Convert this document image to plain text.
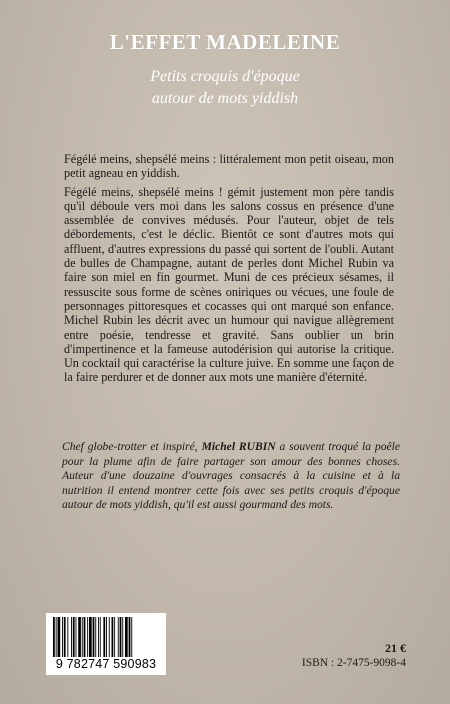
L'EFFET MADELEINE
Petits croquis d'époque
autour de mots yiddish

Fégélé meins, shepsélé meins : littéralement mon petit oiseau, mon petit agneau en yiddish.

Fégélé meins, shepsélé meins ! gémit justement mon père tandis qu'il déboule vers moi dans les salons cossus en présence d'une assemblée de convives médusés. Pour l'auteur, objet de tels débordements, c'est le déclic. Bientôt ce sont d'autres mots qui affluent, d'autres expressions du passé qui sortent de l'oubli. Autant de bulles de Champagne, autant de perles dont Michel Rubin va faire son miel en fin gourmet. Muni de ces précieux sésames, il ressuscite sous forme de scènes oniriques ou vécues, une foule de personnages pittoresques et cocasses qui ont marqué son enfance. Michel Rubin les décrit avec un humour qui navigue allègrement entre poésie, tendresse et gravité. Sans oublier un brin d'impertinence et la fameuse autodérision qui autorise la critique. Un cocktail qui caractérise la culture juive. En somme une façon de la faire perdurer et de donner aux mots une manière d'éternité.

Chef globe-trotter et inspiré, Michel RUBIN a souvent troqué la poêle pour la plume afin de faire partager son amour des bonnes choses. Auteur d'une douzaine d'ouvrages consacrés à la cuisine et à la nutrition il entend montrer cette fois avec ses petits croquis d'époque autour de mots yiddish, qu'il est aussi gourmand des mots.
9 782747 590983
21 €
ISBN : 2-7475-9098-4
